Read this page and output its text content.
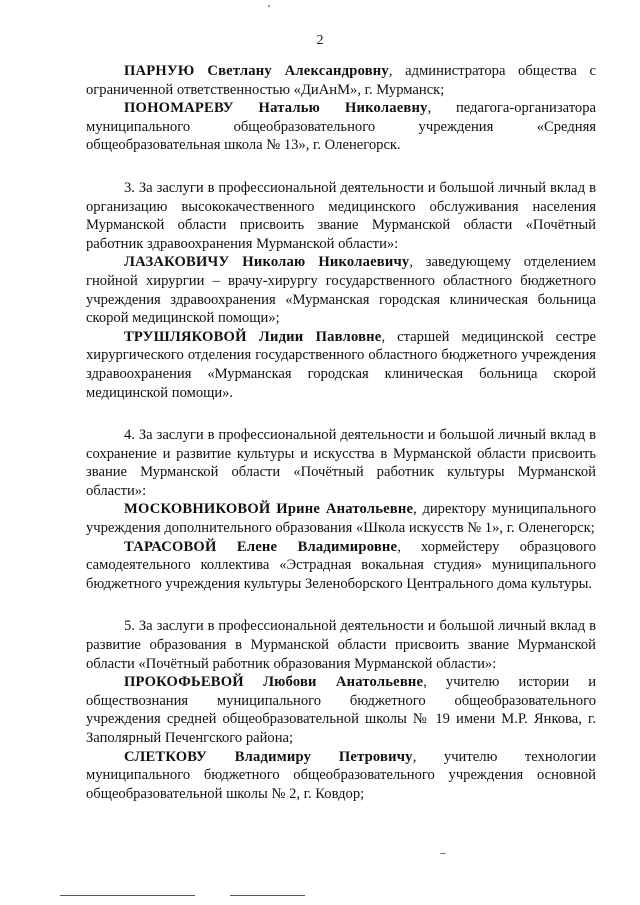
2

ПАРНУЮ Светлану Александровну, администратора общества с ограниченной ответственностью «ДиАнМ», г. Мурманск;

ПОНОМАРЕВУ Наталью Николаевну, педагога-организатора муниципального общеобразовательного учреждения «Средняя общеобразовательная школа № 13», г. Оленегорск.

3. За заслуги в профессиональной деятельности и большой личный вклад в организацию высококачественного медицинского обслуживания населения Мурманской области присвоить звание Мурманской области «Почётный работник здравоохранения Мурманской области»:

ЛАЗАКОВИЧУ Николаю Николаевичу, заведующему отделением гнойной хирургии – врачу-хирургу государственного областного бюджетного учреждения здравоохранения «Мурманская городская клиническая больница скорой медицинской помощи»;

ТРУШЛЯКОВОЙ Лидии Павловне, старшей медицинской сестре хирургического отделения государственного областного бюджетного учреждения здравоохранения «Мурманская городская клиническая больница скорой медицинской помощи».

4. За заслуги в профессиональной деятельности и большой личный вклад в сохранение и развитие культуры и искусства в Мурманской области присвоить звание Мурманской области «Почётный работник культуры Мурманской области»:

МОСКОВНИКОВОЙ Ирине Анатольевне, директору муниципального учреждения дополнительного образования «Школа искусств № 1», г. Оленегорск;

ТАРАСОВОЙ Елене Владимировне, хормейстеру образцового самодеятельного коллектива «Эстрадная вокальная студия» муниципального бюджетного учреждения культуры Зеленоборского Центрального дома культуры.

5. За заслуги в профессиональной деятельности и большой личный вклад в развитие образования в Мурманской области присвоить звание Мурманской области «Почётный работник образования Мурманской области»:

ПРОКОФЬЕВОЙ Любови Анатольевне, учителю истории и обществознания муниципального бюджетного общеобразовательного учреждения средней общеобразовательной школы № 19 имени М.Р. Янкова, г. Заполярный Печенгского района;

СЛЕТКОВУ Владимиру Петровичу, учителю технологии муниципального бюджетного общеобразовательного учреждения основной общеобразовательной школы № 2, г. Ковдор;
